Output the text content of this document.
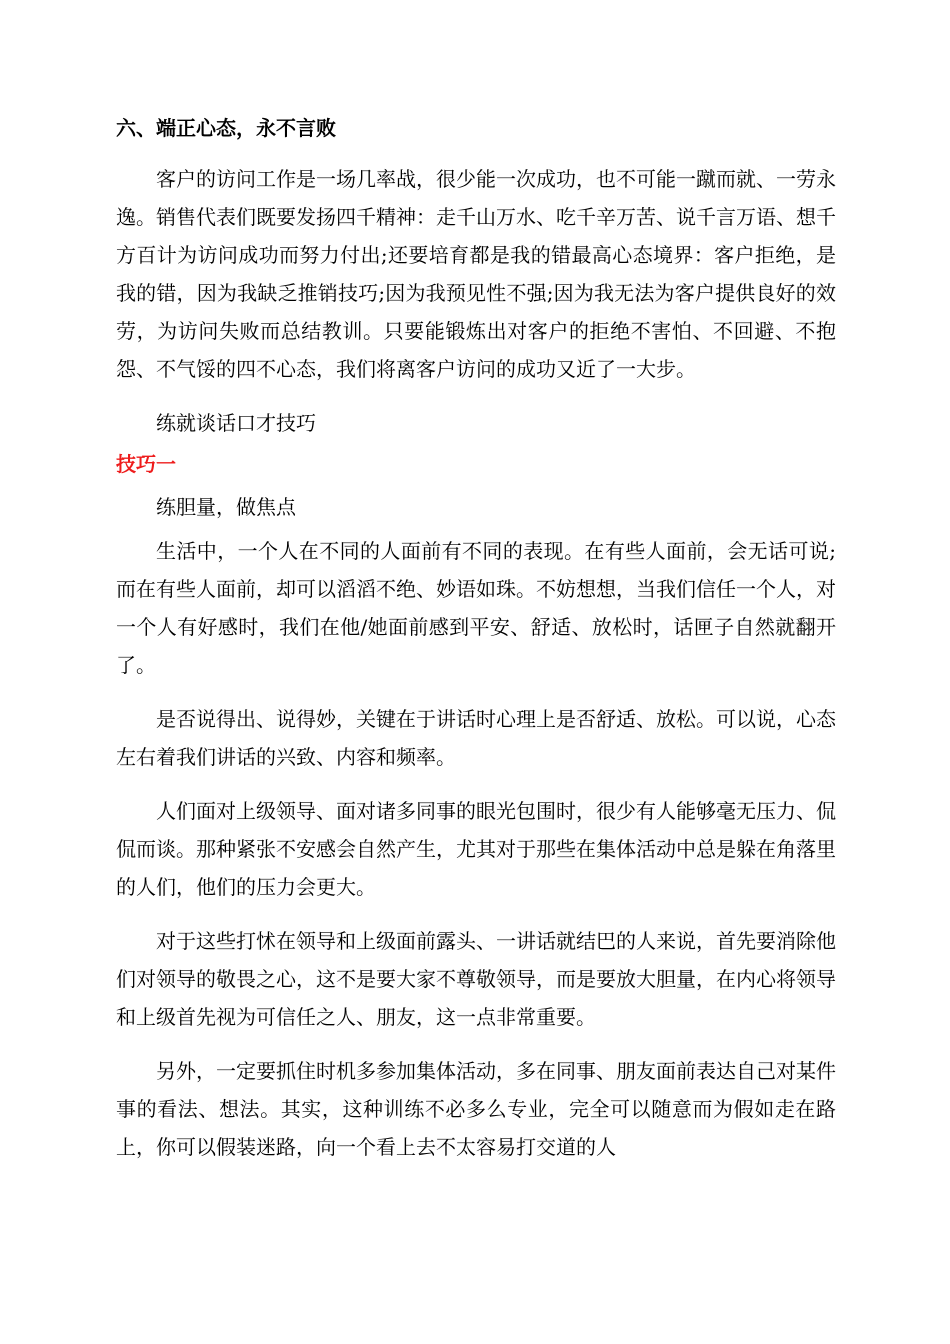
六、端正心态，永不言败

客户的访问工作是一场几率战，很少能一次成功，也不可能一蹴而就、一劳永逸。销售代表们既要发扬四千精神：走千山万水、吃千辛万苦、说千言万语、想千方百计为访问成功而努力付出;还要培育都是我的错最高心态境界：客户拒绝，是我的错，因为我缺乏推销技巧;因为我预见性不强;因为我无法为客户提供良好的效劳，为访问失败而总结教训。只要能锻炼出对客户的拒绝不害怕、不回避、不抱怨、不气馁的四不心态，我们将离客户访问的成功又近了一大步。

练就谈话口才技巧

技巧一

练胆量，做焦点

生活中，一个人在不同的人面前有不同的表现。在有些人面前，会无话可说;而在有些人面前，却可以滔滔不绝、妙语如珠。不妨想想，当我们信任一个人，对一个人有好感时，我们在他/她面前感到平安、舒适、放松时，话匣子自然就翻开了。

是否说得出、说得妙，关键在于讲话时心理上是否舒适、放松。可以说，心态左右着我们讲话的兴致、内容和频率。

人们面对上级领导、面对诸多同事的眼光包围时，很少有人能够毫无压力、侃侃而谈。那种紧张不安感会自然产生，尤其对于那些在集体活动中总是躲在角落里的人们，他们的压力会更大。

对于这些打怵在领导和上级面前露头、一讲话就结巴的人来说，首先要消除他们对领导的敬畏之心，这不是要大家不尊敬领导，而是要放大胆量，在内心将领导和上级首先视为可信任之人、朋友，这一点非常重要。

另外，一定要抓住时机多参加集体活动，多在同事、朋友面前表达自己对某件事的看法、想法。其实，这种训练不必多么专业，完全可以随意而为假如走在路上，你可以假装迷路，向一个看上去不太容易打交道的人
